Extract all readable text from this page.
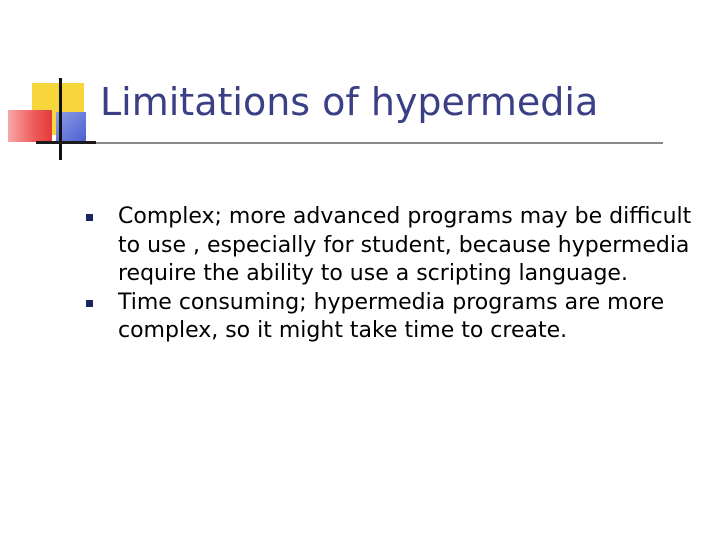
Limitations of hypermedia
Complex; more advanced programs may be difficult to use , especially for student, because hypermedia require the ability to use a scripting language.
Time consuming; hypermedia programs are more complex, so it might take time to create.
